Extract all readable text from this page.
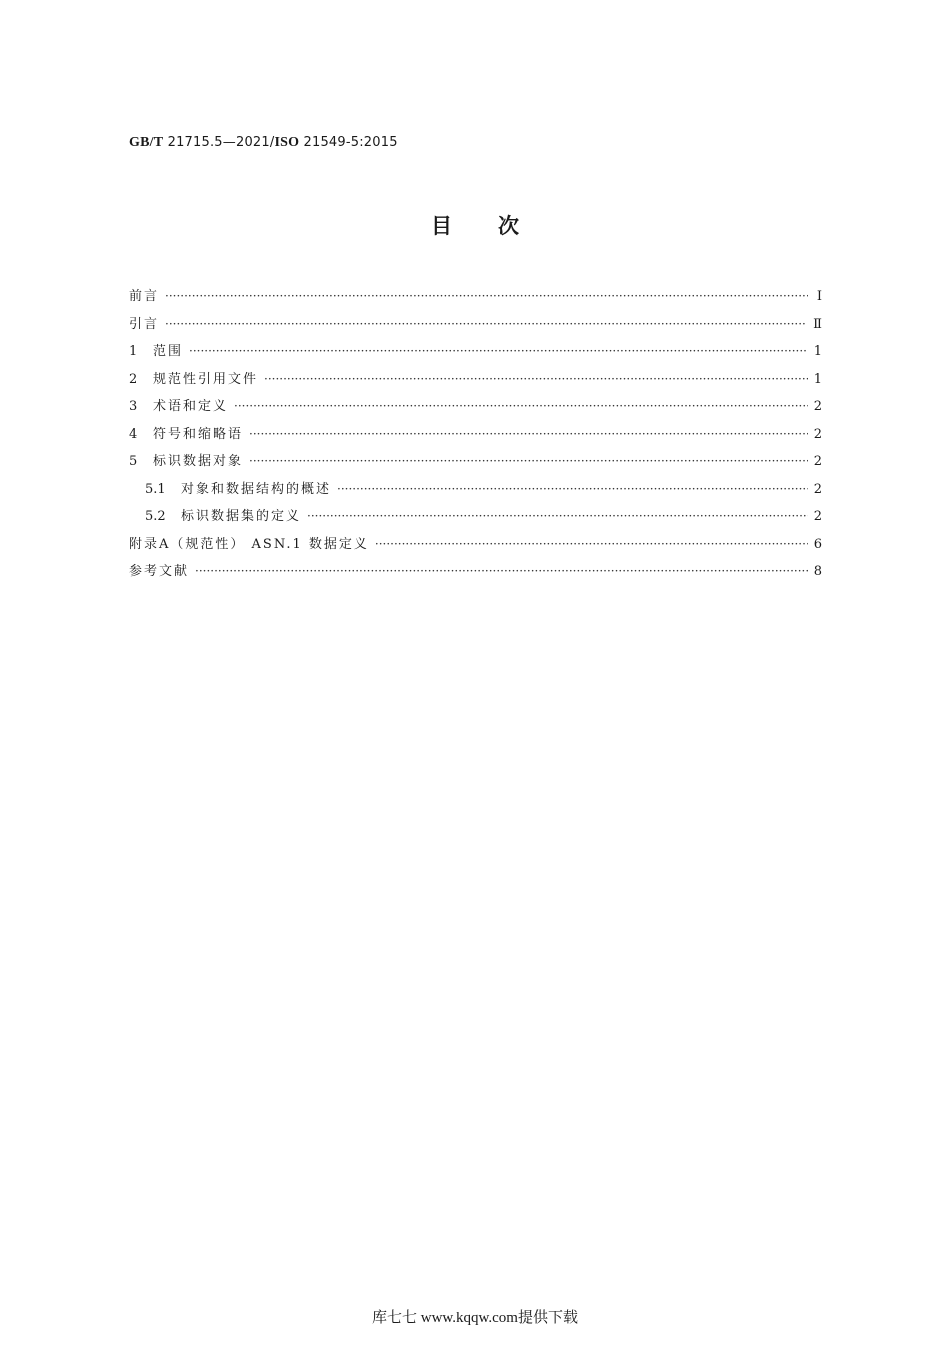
GB/T 21715.5—2021/ISO 21549-5:2015
目次
前言 ·····	Ⅰ
引言 ·····	Ⅱ
1	范围 ·····	1
2	规范性引用文件 ·····	1
3	术语和定义 ·····	2
4	符号和缩略语 ·····	2
5	标识数据对象 ·····	2
5.1	对象和数据结构的概述 ·····	2
5.2	标识数据集的定义 ·····	2
附录A（规范性） ASN.1 数据定义 ·····	6
参考文献 ·····	8
库七七 www.kqqw.com提供下载
